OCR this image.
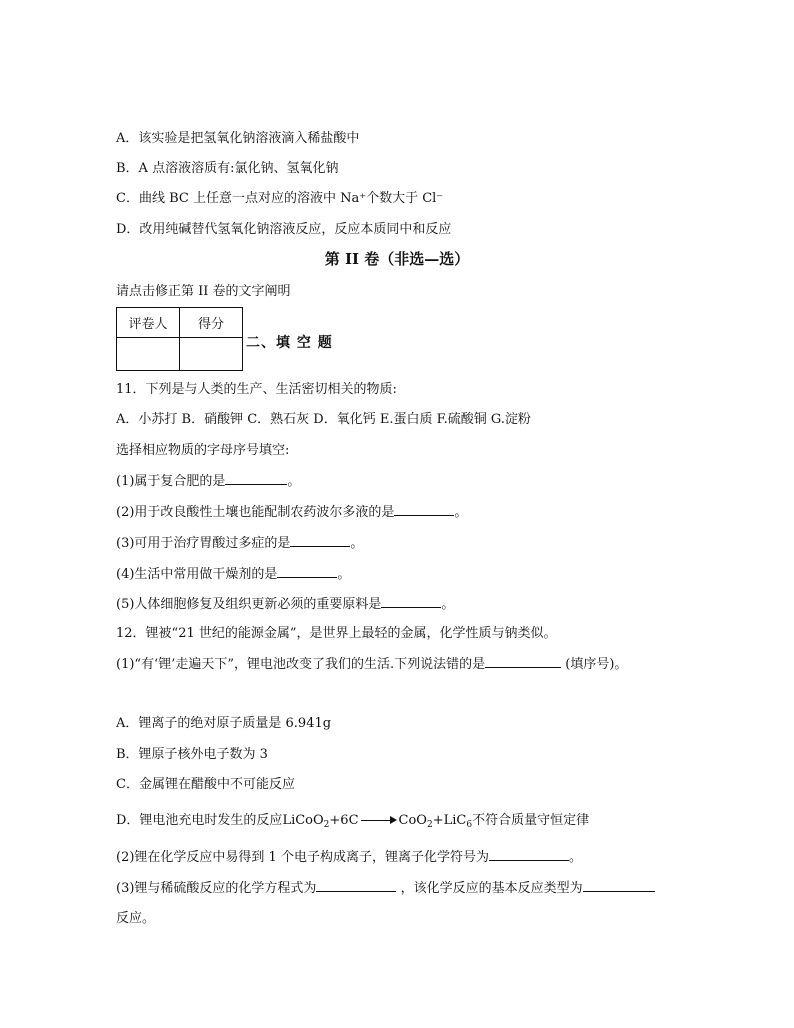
A．该实验是把氢氧化钠溶液滴入稀盐酸中
B．A 点溶液溶质有:氯化钠、氢氧化钠
C．曲线 BC 上任意一点对应的溶液中 Na⁺个数大于 Cl⁻
D．改用纯碱替代氢氧化钠溶液反应，反应本质同中和反应
第 II 卷（非选—选）
请点击修正第 II 卷的文字阐明
评卷人	得分

二、填 空 题
11．下列是与人类的生产、生活密切相关的物质:
A．小苏打 B．硝酸钾 C．熟石灰 D．氧化钙 E.蛋白质 F.硫酸铜 G.淀粉
选择相应物质的字母序号填空:
(1)属于复合肥的是	。
(2)用于改良酸性土壤也能配制农药波尔多液的是	。
(3)可用于治疗胃酸过多症的是	。
(4)生活中常用做干燥剂的是	。
(5)人体细胞修复及组织更新必须的重要原料是	。
12．锂被“21 世纪的能源金属”，是世界上最轻的金属，化学性质与钠类似。
(1)“有‘锂’走遍天下”，锂电池改变了我们的生活.下列说法错的是	(填序号)。
A．锂离子的绝对原子质量是 6.941g
B．锂原子核外电子数为 3
C．金属锂在醋酸中不可能反应
D．锂电池充电时发生的反应LiCoO$_2$+6C	CoO$_2$+LiC$_6$不符合质量守恒定律
(2)锂在化学反应中易得到 1 个电子构成离子，锂离子化学符号为	。
(3)锂与稀硫酸反应的化学方程式为	，该化学反应的基本反应类型为
反应。
